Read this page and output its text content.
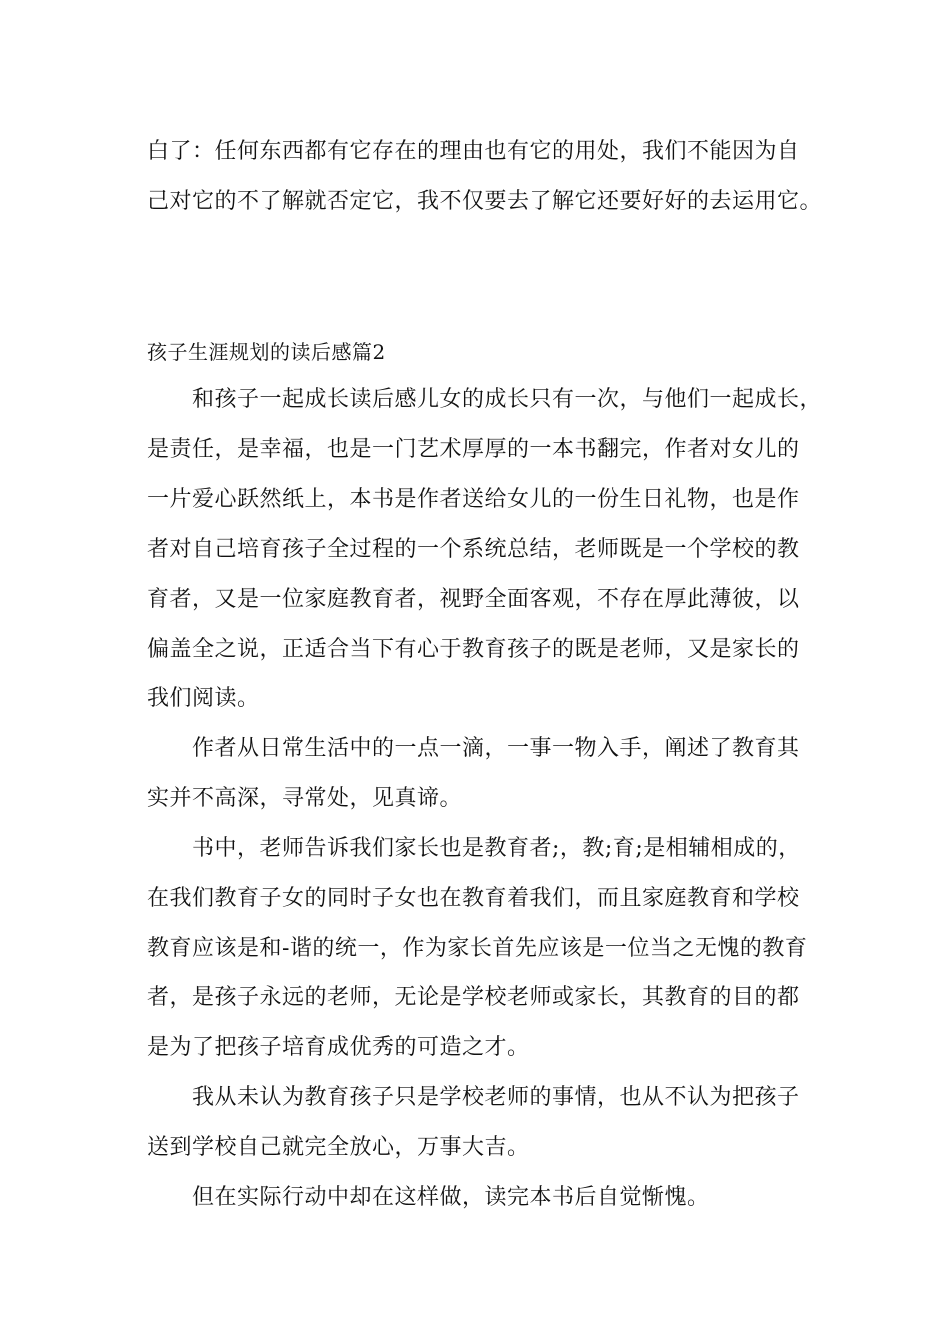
白了：任何东西都有它存在的理由也有它的用处，我们不能因为自
己对它的不了解就否定它，我不仅要去了解它还要好好的去运用它。
孩子生涯规划的读后感篇2
和孩子一起成长读后感儿女的成长只有一次，与他们一起成长，
是责任，是幸福，也是一门艺术厚厚的一本书翻完，作者对女儿的
一片爱心跃然纸上，本书是作者送给女儿的一份生日礼物，也是作
者对自己培育孩子全过程的一个系统总结，老师既是一个学校的教
育者，又是一位家庭教育者，视野全面客观，不存在厚此薄彼，以
偏盖全之说，正适合当下有心于教育孩子的既是老师，又是家长的
我们阅读。
作者从日常生活中的一点一滴，一事一物入手，阐述了教育其
实并不高深，寻常处，见真谛。
书中，老师告诉我们家长也是教育者;，教;育;是相辅相成的，
在我们教育子女的同时子女也在教育着我们，而且家庭教育和学校
教育应该是和-谐的统一，作为家长首先应该是一位当之无愧的教育
者，是孩子永远的老师，无论是学校老师或家长，其教育的目的都
是为了把孩子培育成优秀的可造之才。
我从未认为教育孩子只是学校老师的事情，也从不认为把孩子
送到学校自己就完全放心，万事大吉。
但在实际行动中却在这样做，读完本书后自觉惭愧。
